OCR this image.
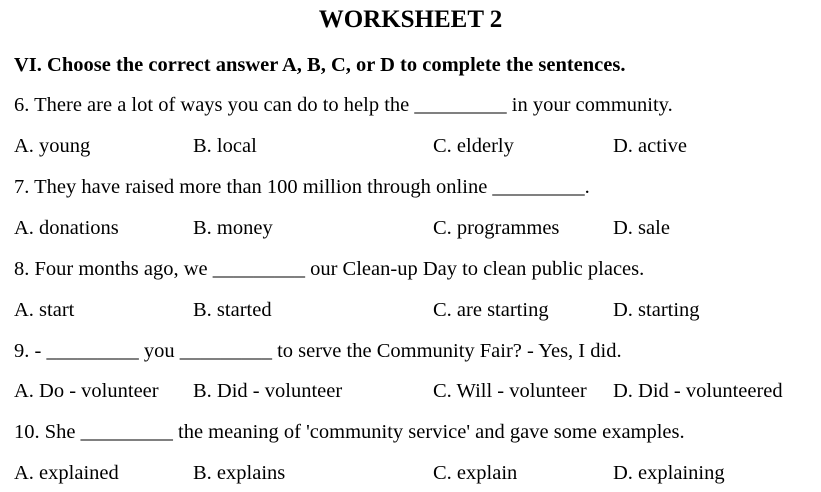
WORKSHEET 2
VI. Choose the correct answer A, B, C, or D to complete the sentences.
6. There are a lot of ways you can do to help the _________ in your community.
A. young	B. local	C. elderly	D. active
7. They have raised more than 100 million through online _________.
A. donations	B. money	C. programmes	D. sale
8. Four months ago, we _________ our Clean-up Day to clean public places.
A. start	B. started	C. are starting	D. starting
9. - _________ you _________ to serve the Community Fair? - Yes, I did.
A. Do - volunteer B. Did - volunteer	C. Will - volunteer D. Did - volunteered
10. She _________ the meaning of 'community service' and gave some examples.
A. explained	B. explains	C. explain	D. explaining
